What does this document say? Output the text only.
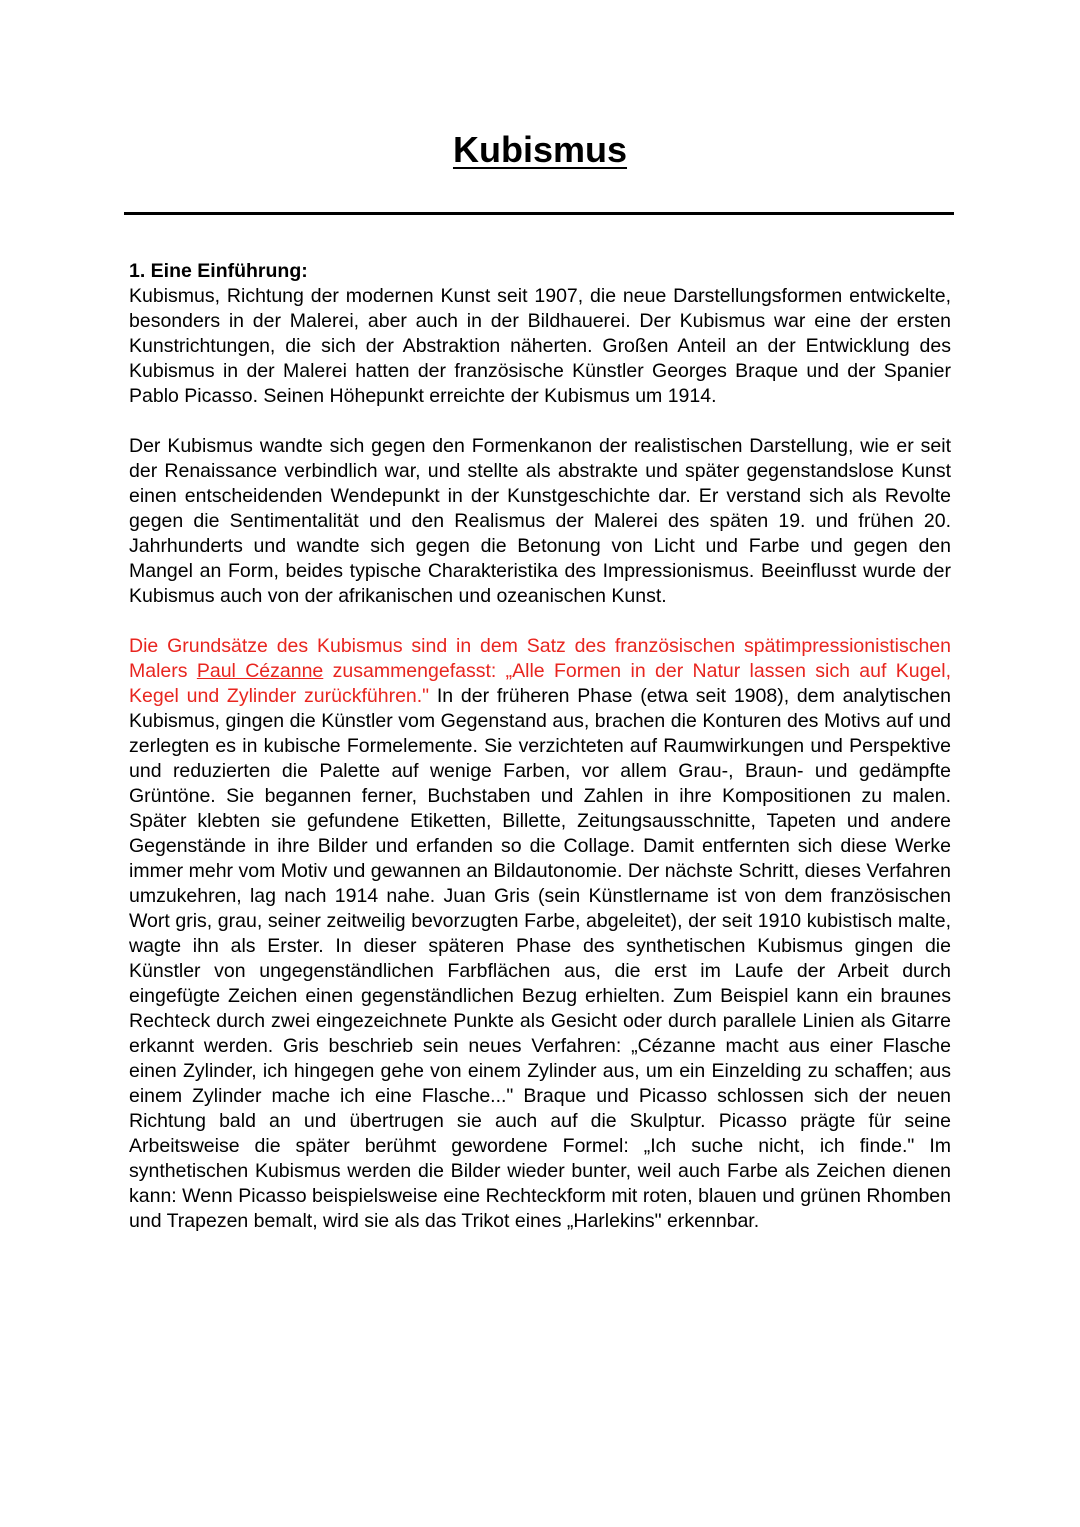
Kubismus

1. Eine Einführung:

Kubismus, Richtung der modernen Kunst seit 1907, die neue Darstellungsformen entwickelte, besonders in der Malerei, aber auch in der Bildhauerei. Der Kubismus war eine der ersten Kunstrichtungen, die sich der Abstraktion näherten. Großen Anteil an der Entwicklung des Kubismus in der Malerei hatten der französische Künstler Georges Braque und der Spanier Pablo Picasso. Seinen Höhepunkt erreichte der Kubismus um 1914.

Der Kubismus wandte sich gegen den Formenkanon der realistischen Darstellung, wie er seit der Renaissance verbindlich war, und stellte als abstrakte und später gegenstandslose Kunst einen entscheidenden Wendepunkt in der Kunstgeschichte dar. Er verstand sich als Revolte gegen die Sentimentalität und den Realismus der Malerei des späten 19. und frühen 20. Jahrhunderts und wandte sich gegen die Betonung von Licht und Farbe und gegen den Mangel an Form, beides typische Charakteristika des Impressionismus. Beeinflusst wurde der Kubismus auch von der afrikanischen und ozeanischen Kunst.

Die Grundsätze des Kubismus sind in dem Satz des französischen spätimpressionistischen Malers Paul Cézanne zusammengefasst: „Alle Formen in der Natur lassen sich auf Kugel, Kegel und Zylinder zurückführen." In der früheren Phase (etwa seit 1908), dem analytischen Kubismus, gingen die Künstler vom Gegenstand aus, brachen die Konturen des Motivs auf und zerlegten es in kubische Formelemente. Sie verzichteten auf Raumwirkungen und Perspektive und reduzierten die Palette auf wenige Farben, vor allem Grau-, Braun- und gedämpfte Grüntöne. Sie begannen ferner, Buchstaben und Zahlen in ihre Kompositionen zu malen. Später klebten sie gefundene Etiketten, Billette, Zeitungsausschnitte, Tapeten und andere Gegenstände in ihre Bilder und erfanden so die Collage. Damit entfernten sich diese Werke immer mehr vom Motiv und gewannen an Bildautonomie. Der nächste Schritt, dieses Verfahren umzukehren, lag nach 1914 nahe. Juan Gris (sein Künstlername ist von dem französischen Wort gris, grau, seiner zeitweilig bevorzugten Farbe, abgeleitet), der seit 1910 kubistisch malte, wagte ihn als Erster. In dieser späteren Phase des synthetischen Kubismus gingen die Künstler von ungegenständlichen Farbflächen aus, die erst im Laufe der Arbeit durch eingefügte Zeichen einen gegenständlichen Bezug erhielten. Zum Beispiel kann ein braunes Rechteck durch zwei eingezeichnete Punkte als Gesicht oder durch parallele Linien als Gitarre erkannt werden. Gris beschrieb sein neues Verfahren: „Cézanne macht aus einer Flasche einen Zylinder, ich hingegen gehe von einem Zylinder aus, um ein Einzelding zu schaffen; aus einem Zylinder mache ich eine Flasche..." Braque und Picasso schlossen sich der neuen Richtung bald an und übertrugen sie auch auf die Skulptur. Picasso prägte für seine Arbeitsweise die später berühmt gewordene Formel: „Ich suche nicht, ich finde." Im synthetischen Kubismus werden die Bilder wieder bunter, weil auch Farbe als Zeichen dienen kann: Wenn Picasso beispielsweise eine Rechteckform mit roten, blauen und grünen Rhomben und Trapezen bemalt, wird sie als das Trikot eines „Harlekins" erkennbar.
